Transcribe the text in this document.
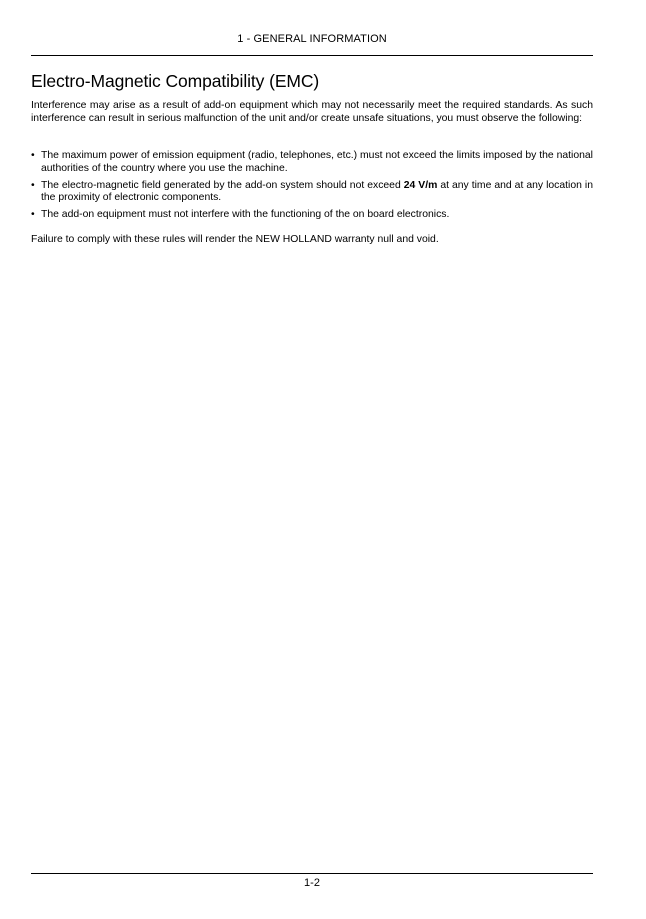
1 - GENERAL INFORMATION
Electro-Magnetic Compatibility (EMC)

Interference may arise as a result of add-on equipment which may not necessarily meet the required standards. As such interference can result in serious malfunction of the unit and/or create unsafe situations, you must observe the following:

• The maximum power of emission equipment (radio, telephones, etc.) must not exceed the limits imposed by the national authorities of the country where you use the machine.
• The electro-magnetic field generated by the add-on system should not exceed 24 V/m at any time and at any location in the proximity of electronic components.
• The add-on equipment must not interfere with the functioning of the on board electronics.

Failure to comply with these rules will render the NEW HOLLAND warranty null and void.

1-2
